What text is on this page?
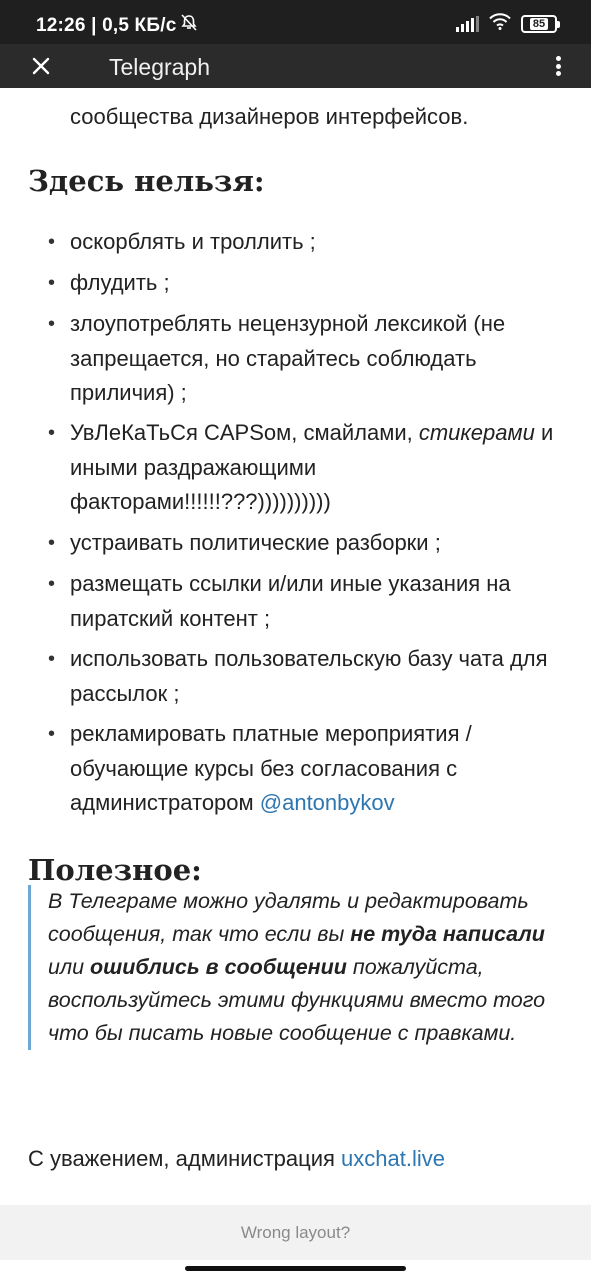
12:26 | 0,5 КБ/с	85
Telegraph
сообщества дизайнеров интерфейсов.
Здесь нельзя:
• оскорблять и троллить ;
• флудить ;
• злоупотреблять нецензурной лексикой (не запрещается, но старайтесь соблюдать приличия) ;
• УвЛеКаТьСя CAPSом, смайлами, стикерами и иными раздражающими факторами!!!!!!???))))))))))
• устраивать политические разборки ;
• размещать ссылки и/или иные указания на пиратский контент ;
• использовать пользовательскую базу чата для рассылок ;
• рекламировать платные мероприятия / обучающие курсы без согласования с администратором @antonbykov
Полезное:
В Телеграме можно удалять и редактировать сообщения, так что если вы не туда написали или ошиблись в сообщении пожалуйста, воспользуйтесь этими функциями вместо того что бы писать новые сообщение с правками.
С уважением, администрация uxchat.live
Wrong layout?
